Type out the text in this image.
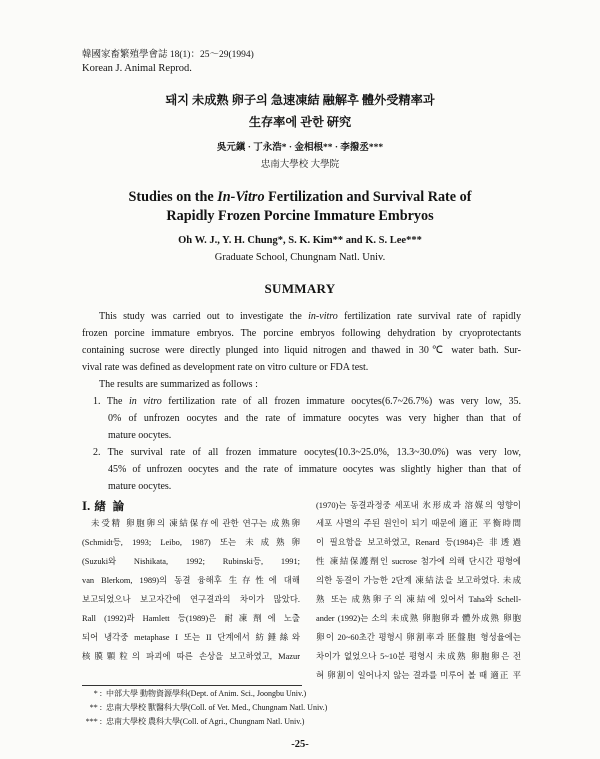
韓國家畜繁殖學會誌 18(1)：25～29(1994)
Korean J. Animal Reprod.
돼지 未成熟 卵子의 急速凍結 融解후 體外受精率과
生存率에 관한 硏究
吳元鎭 · 丁永浩* · 金相根** · 李撥丞***
忠南大學校 大學院
Studies on the In-Vitro Fertilization and Survival Rate of
Rapidly Frozen Porcine Immature Embryos
Oh W. J., Y. H. Chung*, S. K. Kim** and K. S. Lee***
Graduate School, Chungnam Natl. Univ.
SUMMARY
This study was carried out to investigate the in-vitro fertilization rate survival rate of rapidly
frozen porcine immature embryos. The porcine embryos following dehydration by cryoprotectants
containing sucrose were directly plunged into liquid nitrogen and thawed in 30℃ water bath. Sur-
vival rate was defined as development rate on vitro culture or FDA test.
The results are summarized as follows :
1. The in vitro fertilization rate of all frozen immature oocytes(6.7~26.7%) was very low, 35.
0% of unfrozen oocytes and the rate of immature oocytes was very higher than that of
mature oocytes.
2. The survival rate of all frozen immature oocytes(10.3~25.0%, 13.3~30.0%) was very low,
45% of unfrozen oocytes and the rate of immature oocytes was slightly higher than that of
mature oocytes.
I. 緖 論
未受精 卵胞卵의 凍結保存에 관한 연구는 成熟卵
(Schmidt등, 1993; Leibo, 1987) 또는 未成熟卵
(Suzuki와 Nishikata, 1992; Rubinski등, 1991;
van Blerkom, 1989)의 동결 융해후 生存性에 대해
보고되었으나 보고자간에 연구결과의 차이가 많았다.
Rall (1992)과 Hamlett 등(1989)은 耐凍劑에 노출
되어 냉각중 metaphase I 또는 II 단계에서 紡錘絲와
核膜顆粒의 파괴에 따른 손상을 보고하였고, Mazur
(1970)는 동결과정중 세포내 氷形成과 溶媒의 영향이
세포 사멸의 주된 원인이 되기 때문에 適正 平衡時間
이 필요함을 보고하였고, Renard 등(1984)은 非透過
性 凍結保護劑인 sucrose 첨가에 의해 단시간 평형에
의한 동결이 가능한 2단계 凍結法을 보고하였다. 未成
熟 또는 成熟卵子의 凍結에 있어서 Taha와 Schell-
ander (1992)는 소의 未成熟 卵胞卵과 體外成熟 卵胞
卵이 20~60초간 평형시 卵割率과 胚盤胞 형성율에는
차이가 없었으나 5~10분 평형시 未成熟 卵胞卵은 전
혀 卵割이 일어나지 않는 결과를 미루어 볼 때 適正 平
* : 中部大學 動物資源學科(Dept. of Anim. Sci., Joongbu Univ.)
** : 忠南大學校 獸醫科大學(Coll. of Vet. Med., Chungnam Natl. Univ.)
*** : 忠南大學校 農科大學(Coll. of Agri., Chungnam Natl. Univ.)
-25-
